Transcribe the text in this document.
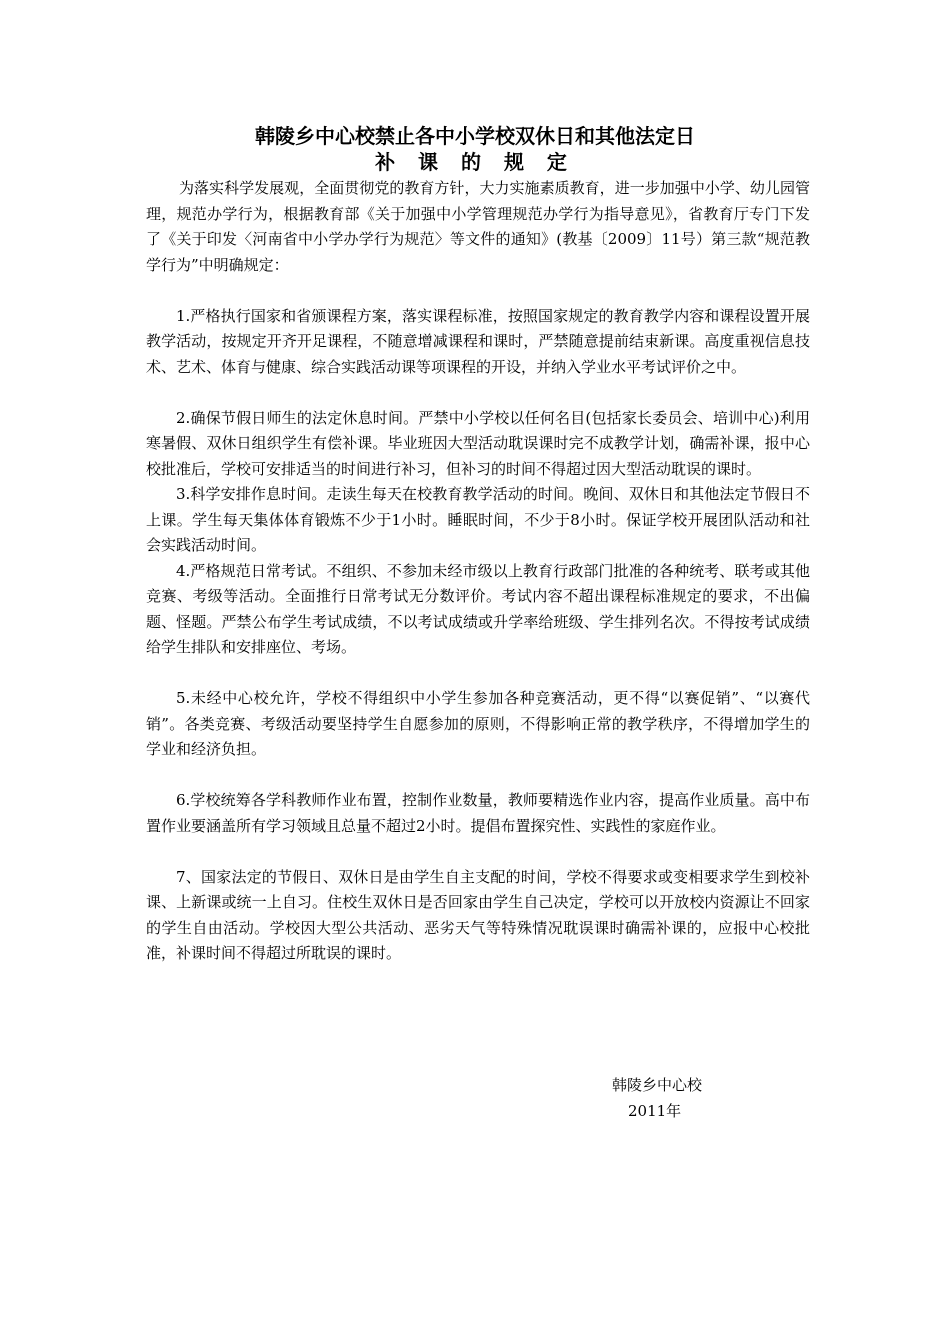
韩陵乡中心校禁止各中小学校双休日和其他法定日
补 课 的 规 定

为落实科学发展观，全面贯彻党的教育方针，大力实施素质教育，进一步加强中小学、幼儿园管理，规范办学行为，根据教育部《关于加强中小学管理规范办学行为指导意见》，省教育厅专门下发了《关于印发〈河南省中小学办学行为规范〉等文件的通知》(教基〔2009〕11号）第三款“规范教学行为”中明确规定：

1.严格执行国家和省颁课程方案，落实课程标准，按照国家规定的教育教学内容和课程设置开展教学活动，按规定开齐开足课程，不随意增减课程和课时，严禁随意提前结束新课。高度重视信息技术、艺术、体育与健康、综合实践活动课等项课程的开设，并纳入学业水平考试评价之中。

2.确保节假日师生的法定休息时间。严禁中小学校以任何名目(包括家长委员会、培训中心)利用寒暑假、双休日组织学生有偿补课。毕业班因大型活动耽误课时完不成教学计划，确需补课，报中心校批准后，学校可安排适当的时间进行补习，但补习的时间不得超过因大型活动耽误的课时。

3.科学安排作息时间。走读生每天在校教育教学活动的时间。晚间、双休日和其他法定节假日不上课。学生每天集体体育锻炼不少于1小时。睡眠时间，不少于8小时。保证学校开展团队活动和社会实践活动时间。

4.严格规范日常考试。不组织、不参加未经市级以上教育行政部门批准的各种统考、联考或其他竞赛、考级等活动。全面推行日常考试无分数评价。考试内容不超出课程标准规定的要求，不出偏题、怪题。严禁公布学生考试成绩，不以考试成绩或升学率给班级、学生排列名次。不得按考试成绩给学生排队和安排座位、考场。

5.未经中心校允许，学校不得组织中小学生参加各种竞赛活动，更不得“以赛促销”、“以赛代销”。各类竞赛、考级活动要坚持学生自愿参加的原则，不得影响正常的教学秩序，不得增加学生的学业和经济负担。

6.学校统筹各学科教师作业布置，控制作业数量，教师要精选作业内容，提高作业质量。高中布置作业要涵盖所有学习领域且总量不超过2小时。提倡布置探究性、实践性的家庭作业。

7、国家法定的节假日、双休日是由学生自主支配的时间，学校不得要求或变相要求学生到校补课、上新课或统一上自习。住校生双休日是否回家由学生自己决定，学校可以开放校内资源让不回家的学生自由活动。学校因大型公共活动、恶劣天气等特殊情况耽误课时确需补课的，应报中心校批准，补课时间不得超过所耽误的课时。

韩陵乡中心校

2011年
